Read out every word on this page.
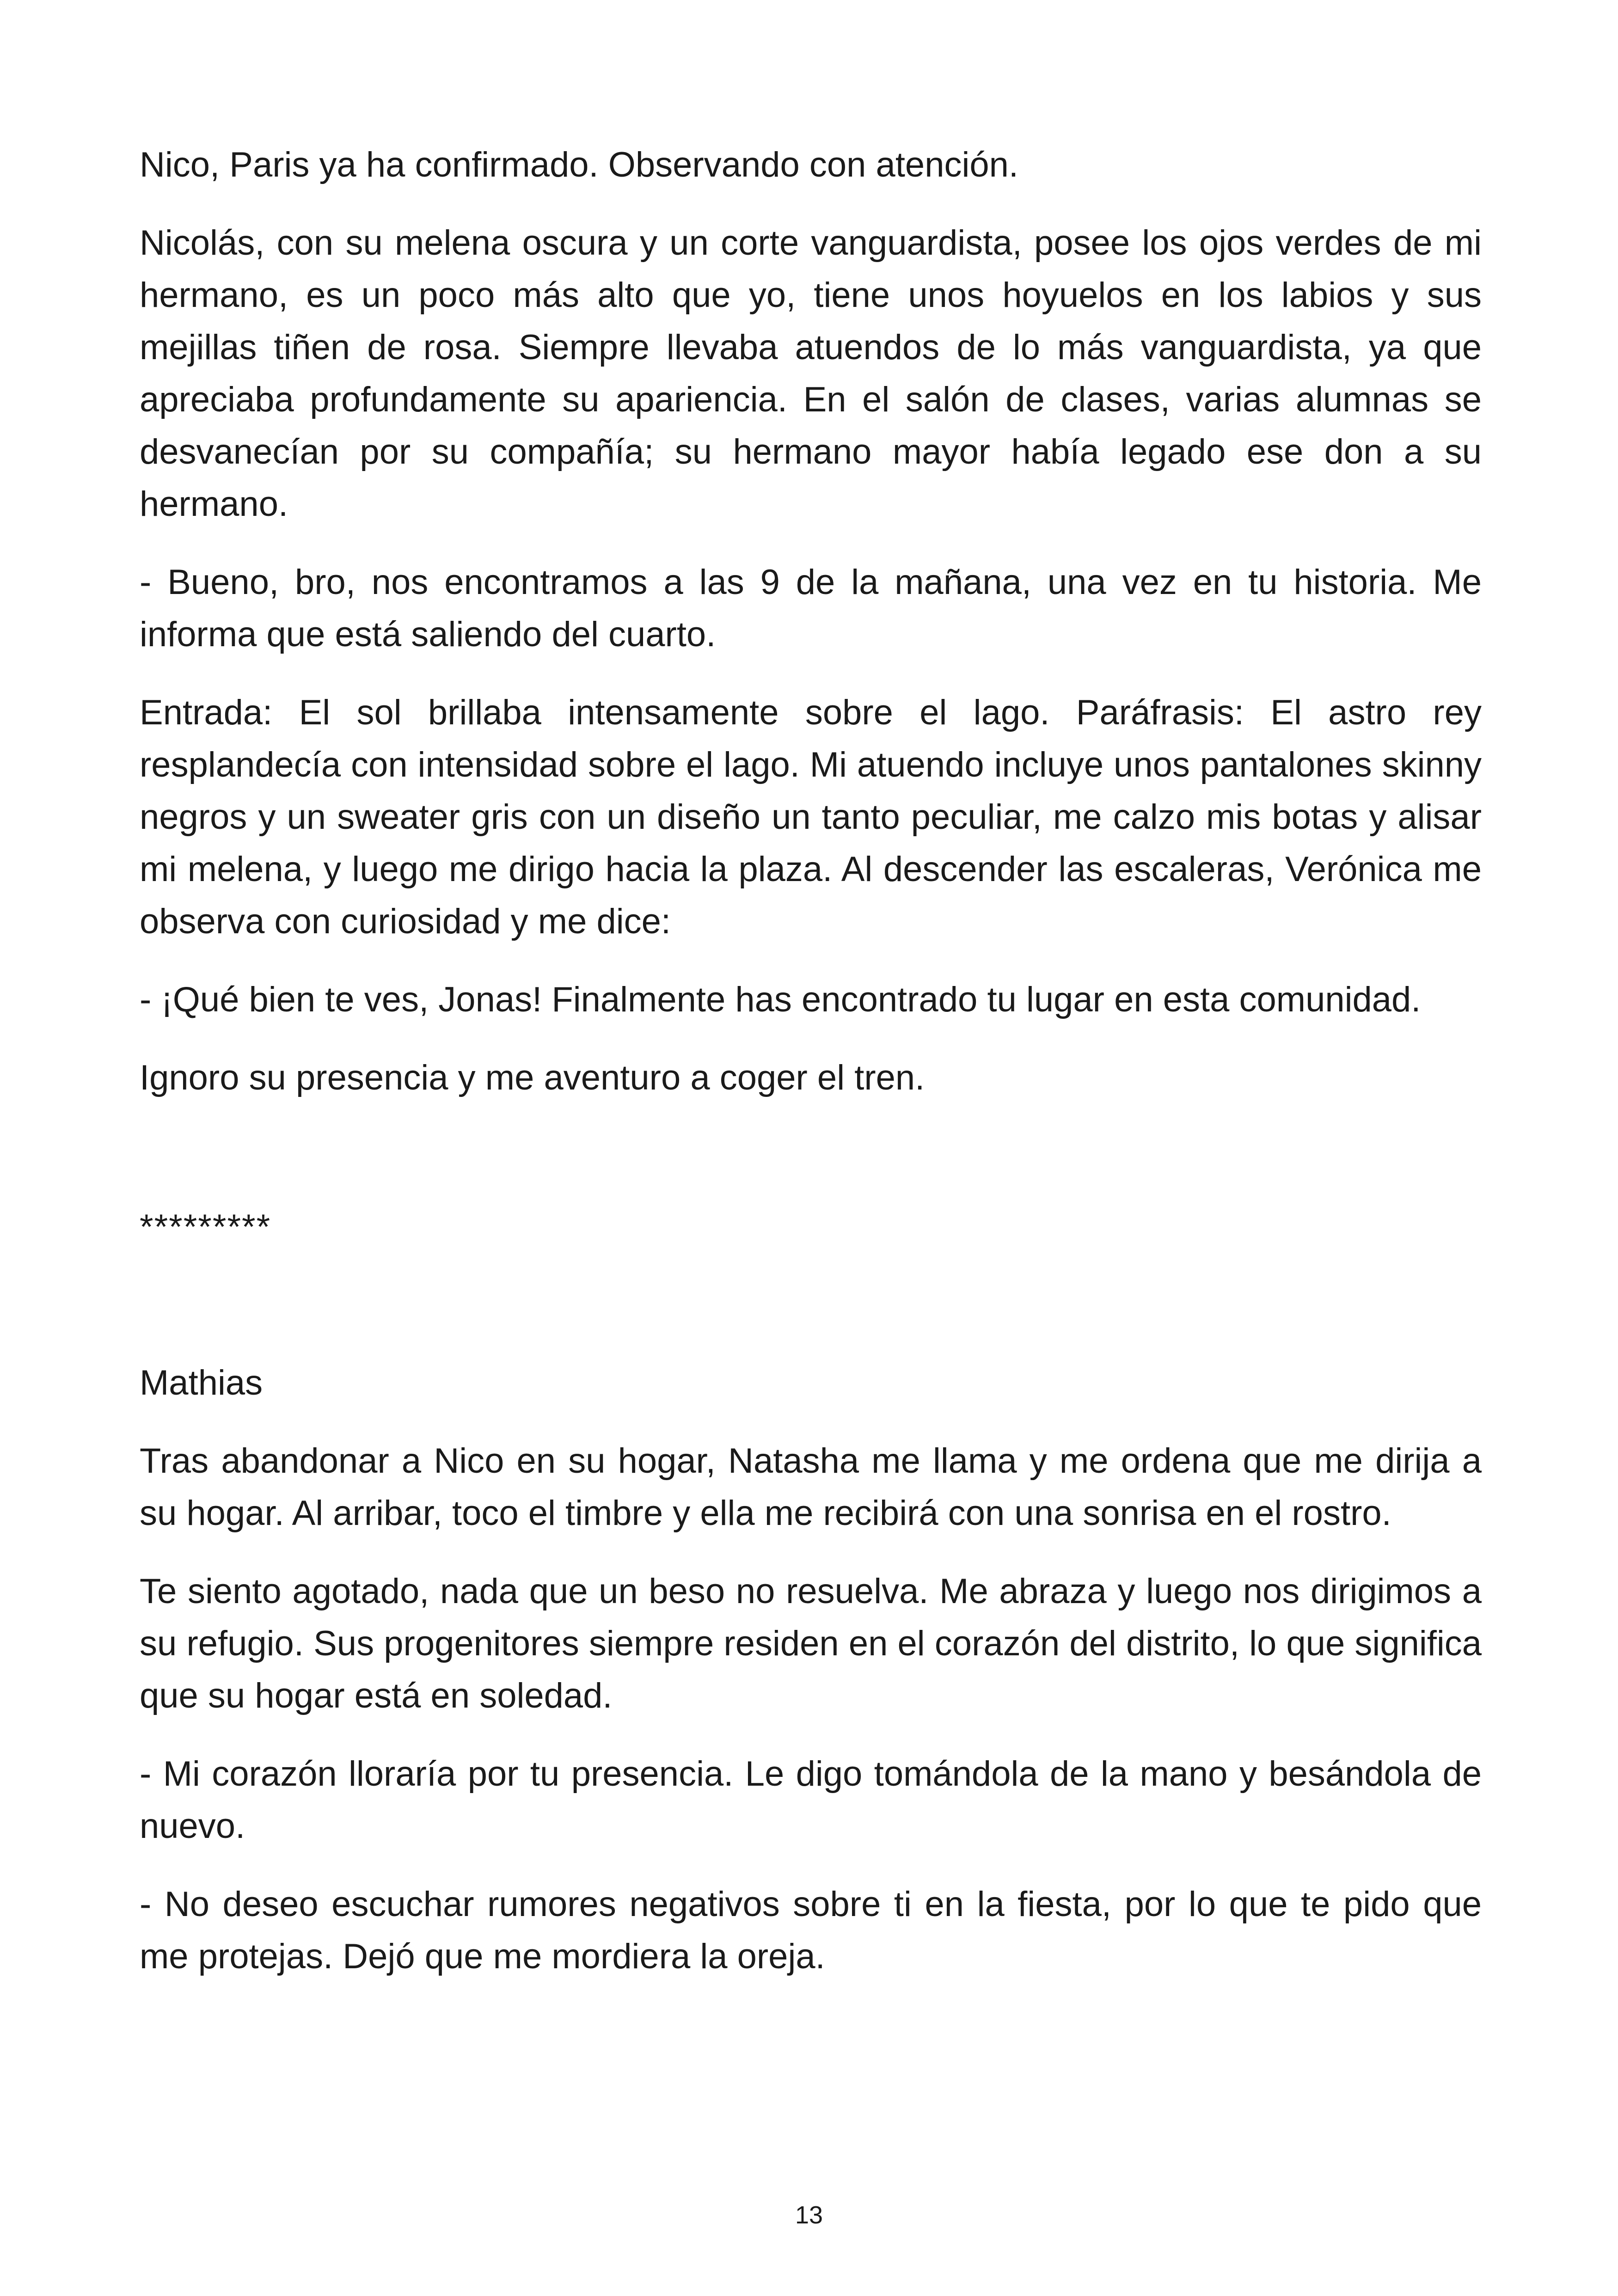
Nico, Paris ya ha confirmado. Observando con atención.

Nicolás, con su melena oscura y un corte vanguardista, posee los ojos verdes de mi hermano, es un poco más alto que yo, tiene unos hoyuelos en los labios y sus mejillas tiñen de rosa. Siempre llevaba atuendos de lo más vanguardista, ya que apreciaba profundamente su apariencia. En el salón de clases, varias alumnas se desvanecían por su compañía; su hermano mayor había legado ese don a su hermano.

- Bueno, bro, nos encontramos a las 9 de la mañana, una vez en tu historia. Me informa que está saliendo del cuarto.

Entrada: El sol brillaba intensamente sobre el lago. Paráfrasis: El astro rey resplandecía con intensidad sobre el lago. Mi atuendo incluye unos pantalones skinny negros y un sweater gris con un diseño un tanto peculiar, me calzo mis botas y alisar mi melena, y luego me dirigo hacia la plaza. Al descender las escaleras, Verónica me observa con curiosidad y me dice:

- ¡Qué bien te ves, Jonas! Finalmente has encontrado tu lugar en esta comunidad.

Ignoro su presencia y me aventuro a coger el tren.

*********

Mathias

Tras abandonar a Nico en su hogar, Natasha me llama y me ordena que me dirija a su hogar. Al arribar, toco el timbre y ella me recibirá con una sonrisa en el rostro.

Te siento agotado, nada que un beso no resuelva. Me abraza y luego nos dirigimos a su refugio. Sus progenitores siempre residen en el corazón del distrito, lo que significa que su hogar está en soledad.

- Mi corazón lloraría por tu presencia. Le digo tomándola de la mano y besándola de nuevo.

- No deseo escuchar rumores negativos sobre ti en la fiesta, por lo que te pido que me protejas. Dejó que me mordiera la oreja.

13
